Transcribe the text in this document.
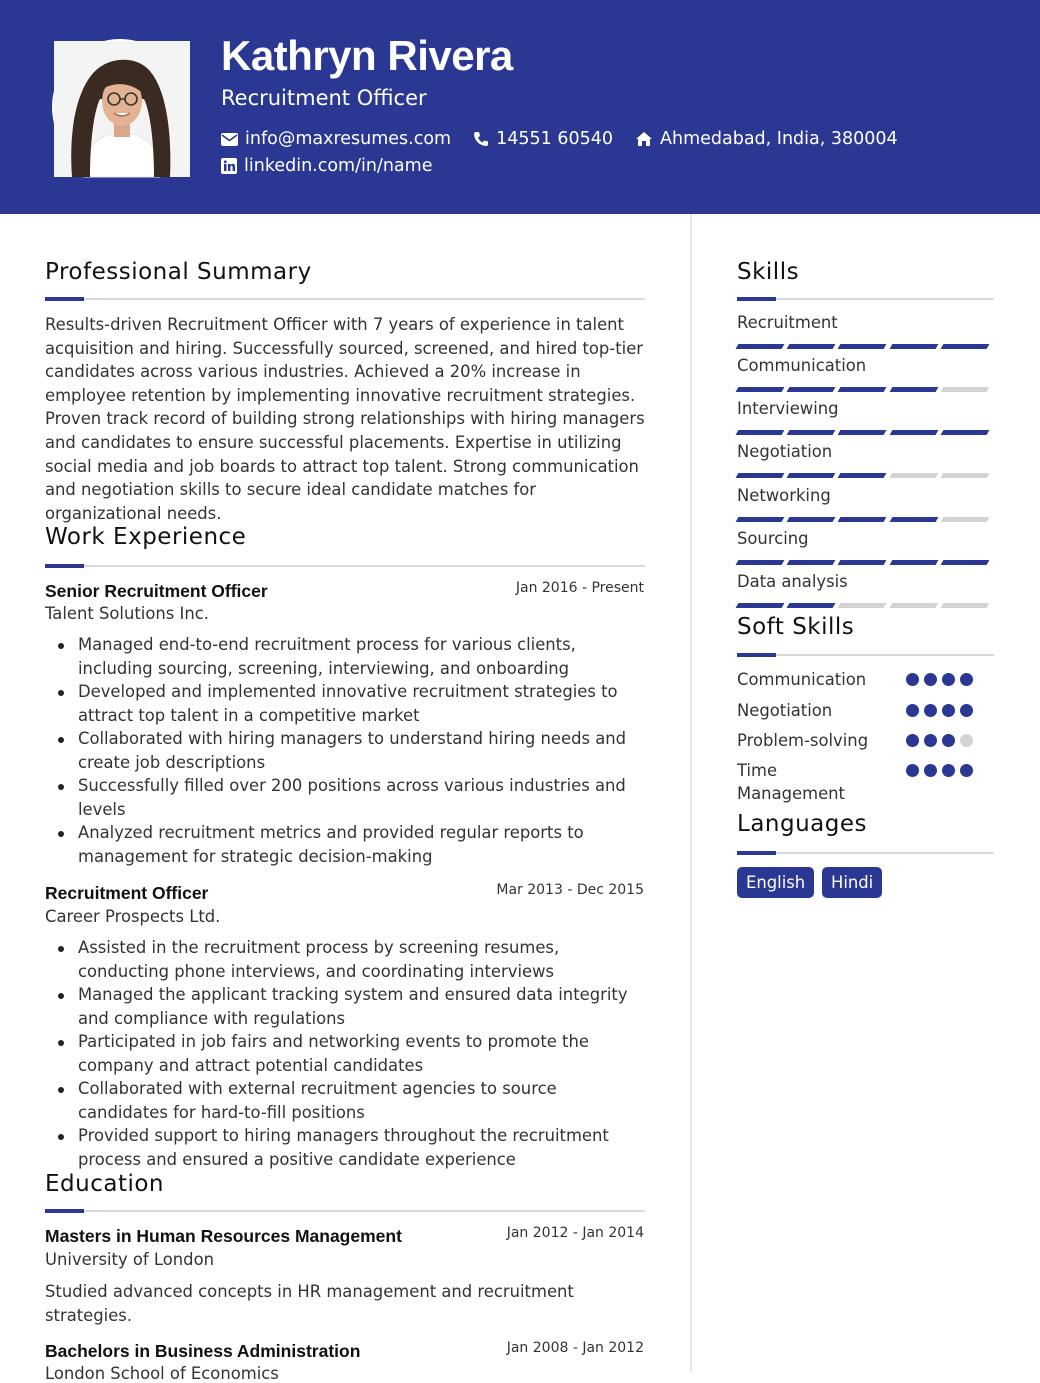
Kathryn Rivera
Recruitment Officer
info@maxresumes.com	14551 60540	Ahmedabad, India, 380004
linkedin.com/in/name
Professional Summary
Results-driven Recruitment Officer with 7 years of experience in talent acquisition and hiring. Successfully sourced, screened, and hired top-tier candidates across various industries. Achieved a 20% increase in employee retention by implementing innovative recruitment strategies. Proven track record of building strong relationships with hiring managers and candidates to ensure successful placements. Expertise in utilizing social media and job boards to attract top talent. Strong communication and negotiation skills to secure ideal candidate matches for organizational needs.
Work Experience
Senior Recruitment Officer	Jan 2016 - Present
Talent Solutions Inc.
Managed end-to-end recruitment process for various clients, including sourcing, screening, interviewing, and onboarding
Developed and implemented innovative recruitment strategies to attract top talent in a competitive market
Collaborated with hiring managers to understand hiring needs and create job descriptions
Successfully filled over 200 positions across various industries and levels
Analyzed recruitment metrics and provided regular reports to management for strategic decision-making
Recruitment Officer	Mar 2013 - Dec 2015
Career Prospects Ltd.
Assisted in the recruitment process by screening resumes, conducting phone interviews, and coordinating interviews
Managed the applicant tracking system and ensured data integrity and compliance with regulations
Participated in job fairs and networking events to promote the company and attract potential candidates
Collaborated with external recruitment agencies to source candidates for hard-to-fill positions
Provided support to hiring managers throughout the recruitment process and ensured a positive candidate experience
Education
Masters in Human Resources Management	Jan 2012 - Jan 2014
University of London
Studied advanced concepts in HR management and recruitment strategies.
Bachelors in Business Administration	Jan 2008 - Jan 2012
London School of Economics
Skills
Recruitment
Communication
Interviewing
Negotiation
Networking
Sourcing
Data analysis
Soft Skills
Communication
Negotiation
Problem-solving
Time Management
Languages
English	Hindi
